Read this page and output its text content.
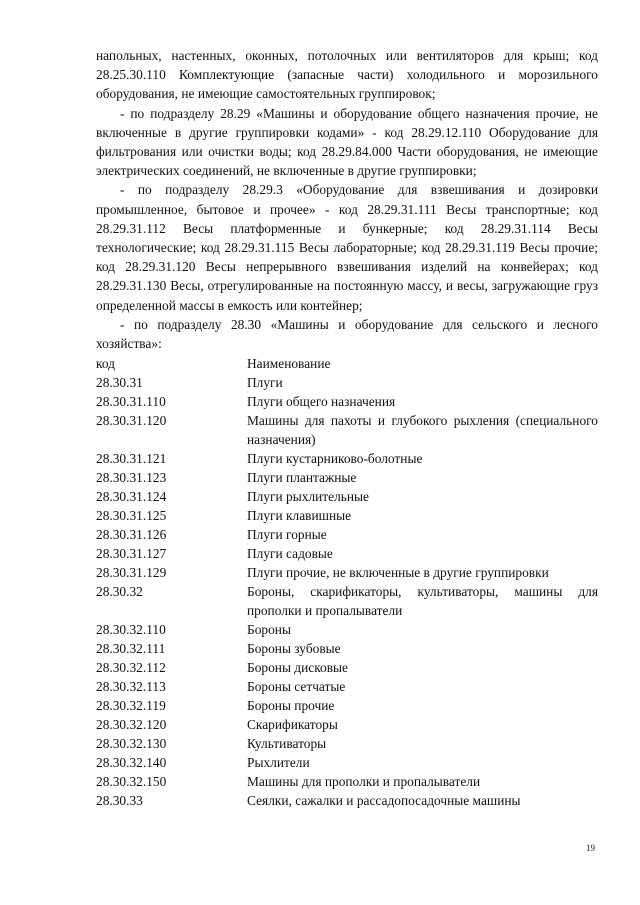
напольных, настенных, оконных, потолочных или вентиляторов для крыш; код 28.25.30.110 Комплектующие (запасные части) холодильного и морозильного оборудования, не имеющие самостоятельных группировок;

- по подразделу 28.29 «Машины и оборудование общего назначения прочие, не включенные в другие группировки кодами» - код 28.29.12.110 Оборудование для фильтрования или очистки воды; код 28.29.84.000 Части оборудования, не имеющие электрических соединений, не включенные в другие группировки;

- по подразделу 28.29.3 «Оборудование для взвешивания и дозировки промышленное, бытовое и прочее» - код 28.29.31.111 Весы транспортные; код 28.29.31.112 Весы платформенные и бункерные; код 28.29.31.114 Весы технологические; код 28.29.31.115 Весы лабораторные; код 28.29.31.119 Весы прочие; код 28.29.31.120 Весы непрерывного взвешивания изделий на конвейерах; код 28.29.31.130 Весы, отрегулированные на постоянную массу, и весы, загружающие груз определенной массы в емкость или контейнер;

- по подразделу 28.30 «Машины и оборудование для сельского и лесного хозяйства»:

код	Наименование
28.30.31	Плуги
28.30.31.110	Плуги общего назначения
28.30.31.120	Машины для пахоты и глубокого рыхления (специального назначения)
28.30.31.121	Плуги кустарниково-болотные
28.30.31.123	Плуги плантажные
28.30.31.124	Плуги рыхлительные
28.30.31.125	Плуги клавишные
28.30.31.126	Плуги горные
28.30.31.127	Плуги садовые
28.30.31.129	Плуги прочие, не включенные в другие группировки
28.30.32	Бороны, скарификаторы, культиваторы, машины для прополки и пропалыватели
28.30.32.110	Бороны
28.30.32.111	Бороны зубовые
28.30.32.112	Бороны дисковые
28.30.32.113	Бороны сетчатые
28.30.32.119	Бороны прочие
28.30.32.120	Скарификаторы
28.30.32.130	Культиваторы
28.30.32.140	Рыхлители
28.30.32.150	Машины для прополки и пропалыватели
28.30.33	Сеялки, сажалки и рассадопосадочные машины
19
